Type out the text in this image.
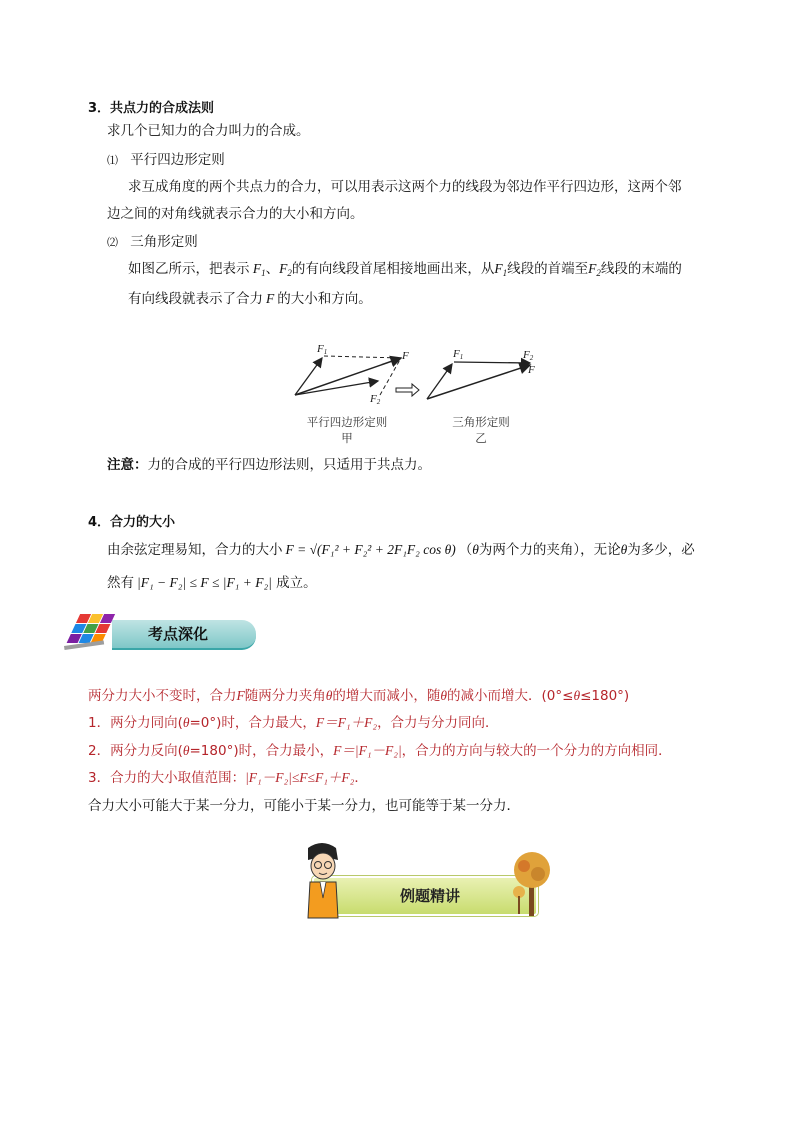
3．共点力的合成法则
求几个已知力的合力叫力的合成。
⑴ 平行四边形定则
求互成角度的两个共点力的合力，可以用表示这两个力的线段为邻边作平行四边形，这两个邻
边之间的对角线就表示合力的大小和方向。
⑵ 三角形定则
如图乙所示，把表示 $F_1$、$F_2$的有向线段首尾相接地画出来，从$F_1$线段的首端至$F_2$线段的末端的
有向线段就表示了合力 F 的大小和方向。
F1	F
F2
F1	F2
F
平行四边形定则
甲
三角形定则
乙
注意：力的合成的平行四边形法则，只适用于共点力。
4．合力的大小
由余弦定理易知，合力的大小 F = √(F₁² + F₂² + 2F₁F₂ cos θ) （θ为两个力的夹角），无论θ为多少，必
然有 |F₁ − F₂| ≤ F ≤ |F₁ + F₂| 成立。
考点深化
两分力大小不变时，合力F随两分力夹角θ的增大而减小，随θ的减小而增大．(0°≤θ≤180°)
1．两分力同向(θ=0°)时，合力最大，F＝F₁＋F₂，合力与分力同向．
2．两分力反向(θ=180°)时，合力最小，F＝|F₁－F₂|，合力的方向与较大的一个分力的方向相同．
3．合力的大小取值范围：|F₁－F₂|≤F≤F₁＋F₂．
合力大小可能大于某一分力，可能小于某一分力，也可能等于某一分力．
例题精讲
